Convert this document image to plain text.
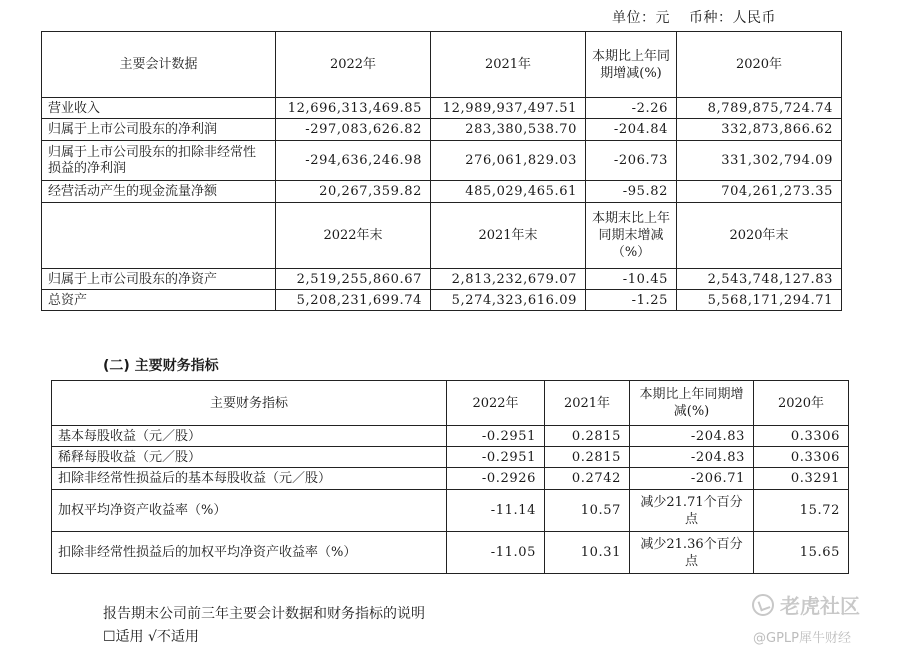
单位：元 币种：人民币
主要会计数据	2022年	2021年	本期比上年同期增减(%)	2020年
营业收入	12,696,313,469.85	12,989,937,497.51	-2.26	8,789,875,724.74
归属于上市公司股东的净利润	-297,083,626.82	283,380,538.70	-204.84	332,873,866.62
归属于上市公司股东的扣除非经常性损益的净利润	-294,636,246.98	276,061,829.03	-206.73	331,302,794.09
经营活动产生的现金流量净额	20,267,359.82	485,029,465.61	-95.82	704,261,273.35
	2022年末	2021年末	本期末比上年同期末增减（%）	2020年末
归属于上市公司股东的净资产	2,519,255,860.67	2,813,232,679.07	-10.45	2,543,748,127.83
总资产	5,208,231,699.74	5,274,323,616.09	-1.25	5,568,171,294.71
(二) 主要财务指标
主要财务指标	2022年	2021年	本期比上年同期增减(%)	2020年
基本每股收益（元／股）	-0.2951	0.2815	-204.83	0.3306
稀释每股收益（元／股）	-0.2951	0.2815	-204.83	0.3306
扣除非经常性损益后的基本每股收益（元／股）	-0.2926	0.2742	-206.71	0.3291
加权平均净资产收益率（%）	-11.14	10.57	减少21.71个百分点	15.72
扣除非经常性损益后的加权平均净资产收益率（%）	-11.05	10.31	减少21.36个百分点	15.65
报告期末公司前三年主要会计数据和财务指标的说明
☐适用 √不适用
老虎社区
@GPLP犀牛财经
